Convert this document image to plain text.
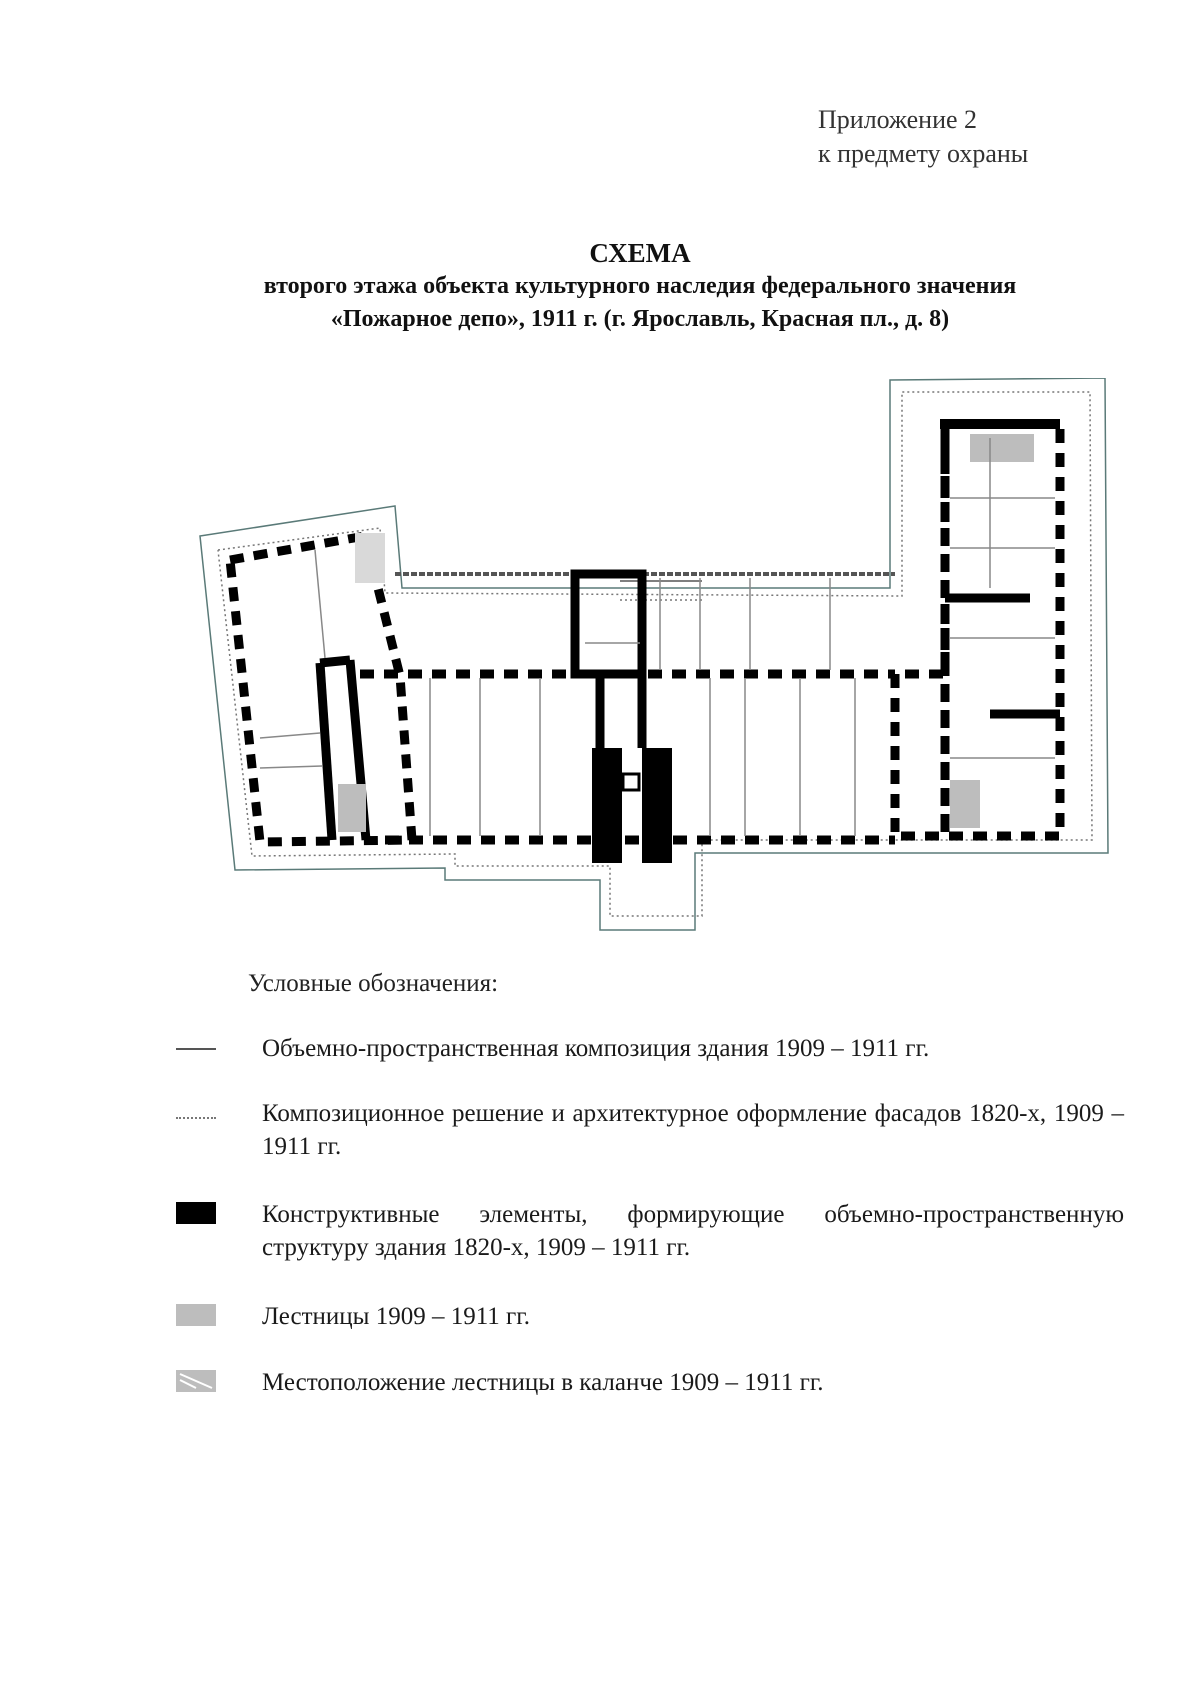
Приложение 2
к предмету охраны
СХЕМА
второго этажа объекта культурного наследия федерального значения
«Пожарное депо», 1911 г. (г. Ярославль, Красная пл., д. 8)
Условные обозначения:
Объемно-пространственная композиция здания 1909 – 1911 гг.
Композиционное решение и архитектурное оформление фасадов 1820-х, 1909 – 1911 гг.
Конструктивные элементы, формирующие объемно-пространственную структуру здания 1820-х, 1909 – 1911 гг.
Лестницы 1909 – 1911 гг.
Местоположение лестницы в каланче 1909 – 1911 гг.
